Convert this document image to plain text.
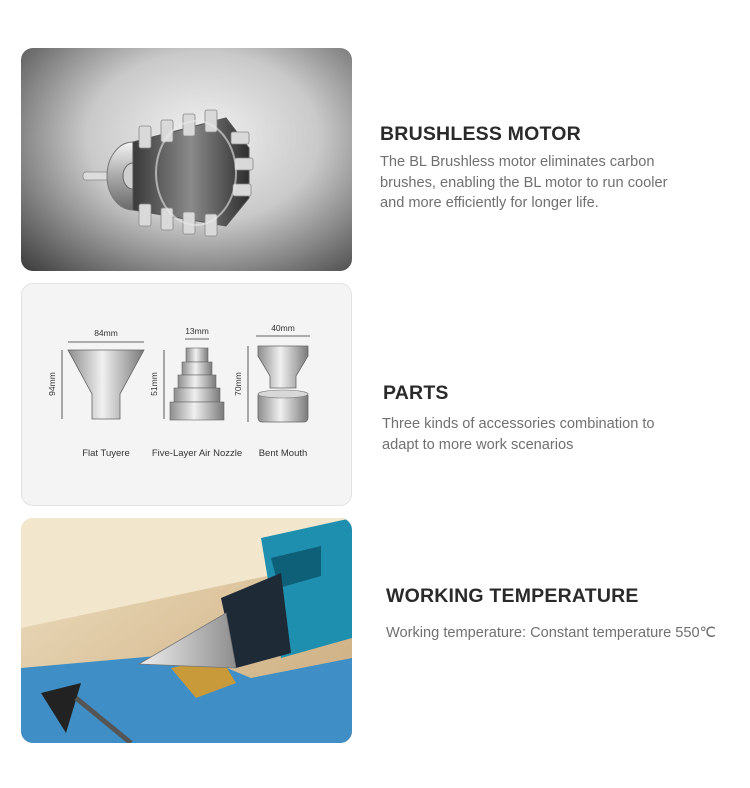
BRUSHLESS MOTOR
The BL Brushless motor eliminates carbon
brushes, enabling the BL motor to run cooler
and more efficiently for longer life.
84mm
94mm
Flat Tuyere
13mm
51mm
Five-Layer Air Nozzle
40mm
70mm
Bent Mouth
PARTS
Three kinds of accessories combination to
adapt to more work scenarios
WORKING TEMPERATURE
Working temperature: Constant temperature 550℃
